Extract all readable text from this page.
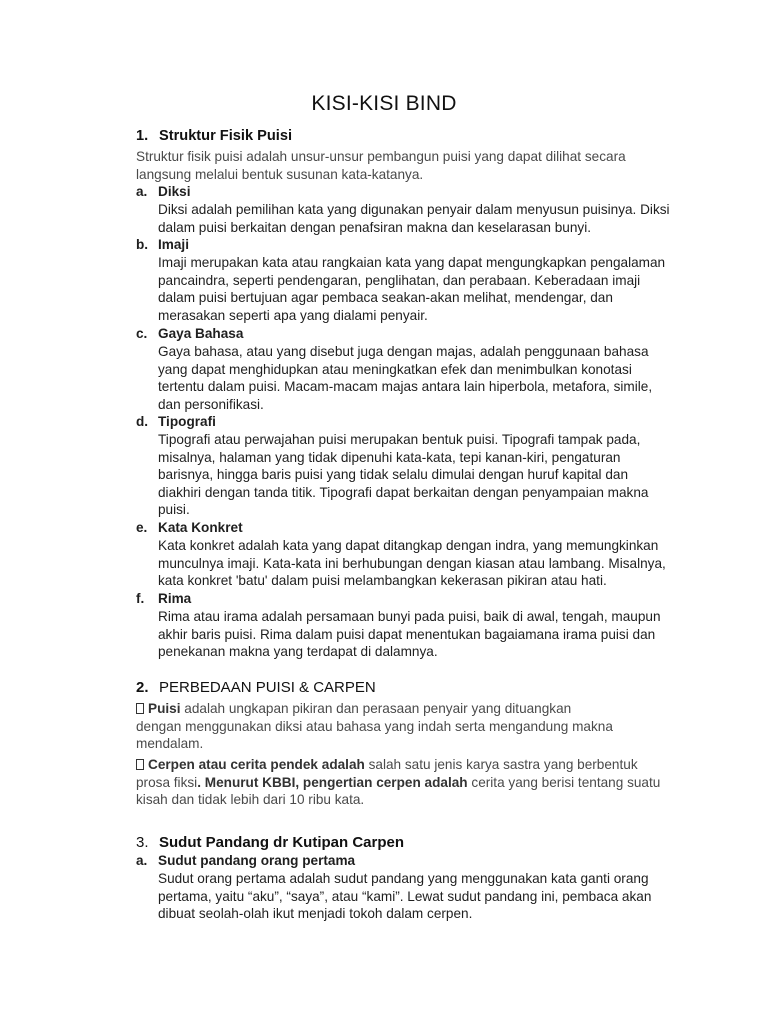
KISI-KISI BIND
1. Struktur Fisik Puisi
Struktur fisik puisi adalah unsur-unsur pembangun puisi yang dapat dilihat secara
langsung melalui bentuk susunan kata-katanya.
a. Diksi
Diksi adalah pemilihan kata yang digunakan penyair dalam menyusun puisinya. Diksi
dalam puisi berkaitan dengan penafsiran makna dan keselarasan bunyi.
b. Imaji
Imaji merupakan kata atau rangkaian kata yang dapat mengungkapkan pengalaman
pancaindra, seperti pendengaran, penglihatan, dan perabaan. Keberadaan imaji
dalam puisi bertujuan agar pembaca seakan-akan melihat, mendengar, dan
merasakan seperti apa yang dialami penyair.
c. Gaya Bahasa
Gaya bahasa, atau yang disebut juga dengan majas, adalah penggunaan bahasa
yang dapat menghidupkan atau meningkatkan efek dan menimbulkan konotasi
tertentu dalam puisi. Macam-macam majas antara lain hiperbola, metafora, simile,
dan personifikasi.
d. Tipografi
Tipografi atau perwajahan puisi merupakan bentuk puisi. Tipografi tampak pada,
misalnya, halaman yang tidak dipenuhi kata-kata, tepi kanan-kiri, pengaturan
barisnya, hingga baris puisi yang tidak selalu dimulai dengan huruf kapital dan
diakhiri dengan tanda titik. Tipografi dapat berkaitan dengan penyampaian makna
puisi.
e. Kata Konkret
Kata konkret adalah kata yang dapat ditangkap dengan indra, yang memungkinkan
munculnya imaji. Kata-kata ini berhubungan dengan kiasan atau lambang. Misalnya,
kata konkret 'batu' dalam puisi melambangkan kekerasan pikiran atau hati.
f. Rima
Rima atau irama adalah persamaan bunyi pada puisi, baik di awal, tengah, maupun
akhir baris puisi. Rima dalam puisi dapat menentukan bagaiamana irama puisi dan
penekanan makna yang terdapat di dalamnya.
2. PERBEDAAN PUISI & CARPEN
Puisi adalah ungkapan pikiran dan perasaan penyair yang dituangkan
dengan menggunakan diksi atau bahasa yang indah serta mengandung makna
mendalam.
Cerpen atau cerita pendek adalah salah satu jenis karya sastra yang berbentuk
prosa fiksi. Menurut KBBI, pengertian cerpen adalah cerita yang berisi tentang suatu
kisah dan tidak lebih dari 10 ribu kata.
3. Sudut Pandang dr Kutipan Carpen
a. Sudut pandang orang pertama
Sudut orang pertama adalah sudut pandang yang menggunakan kata ganti orang
pertama, yaitu “aku”, “saya”, atau “kami”. Lewat sudut pandang ini, pembaca akan
dibuat seolah-olah ikut menjadi tokoh dalam cerpen.
